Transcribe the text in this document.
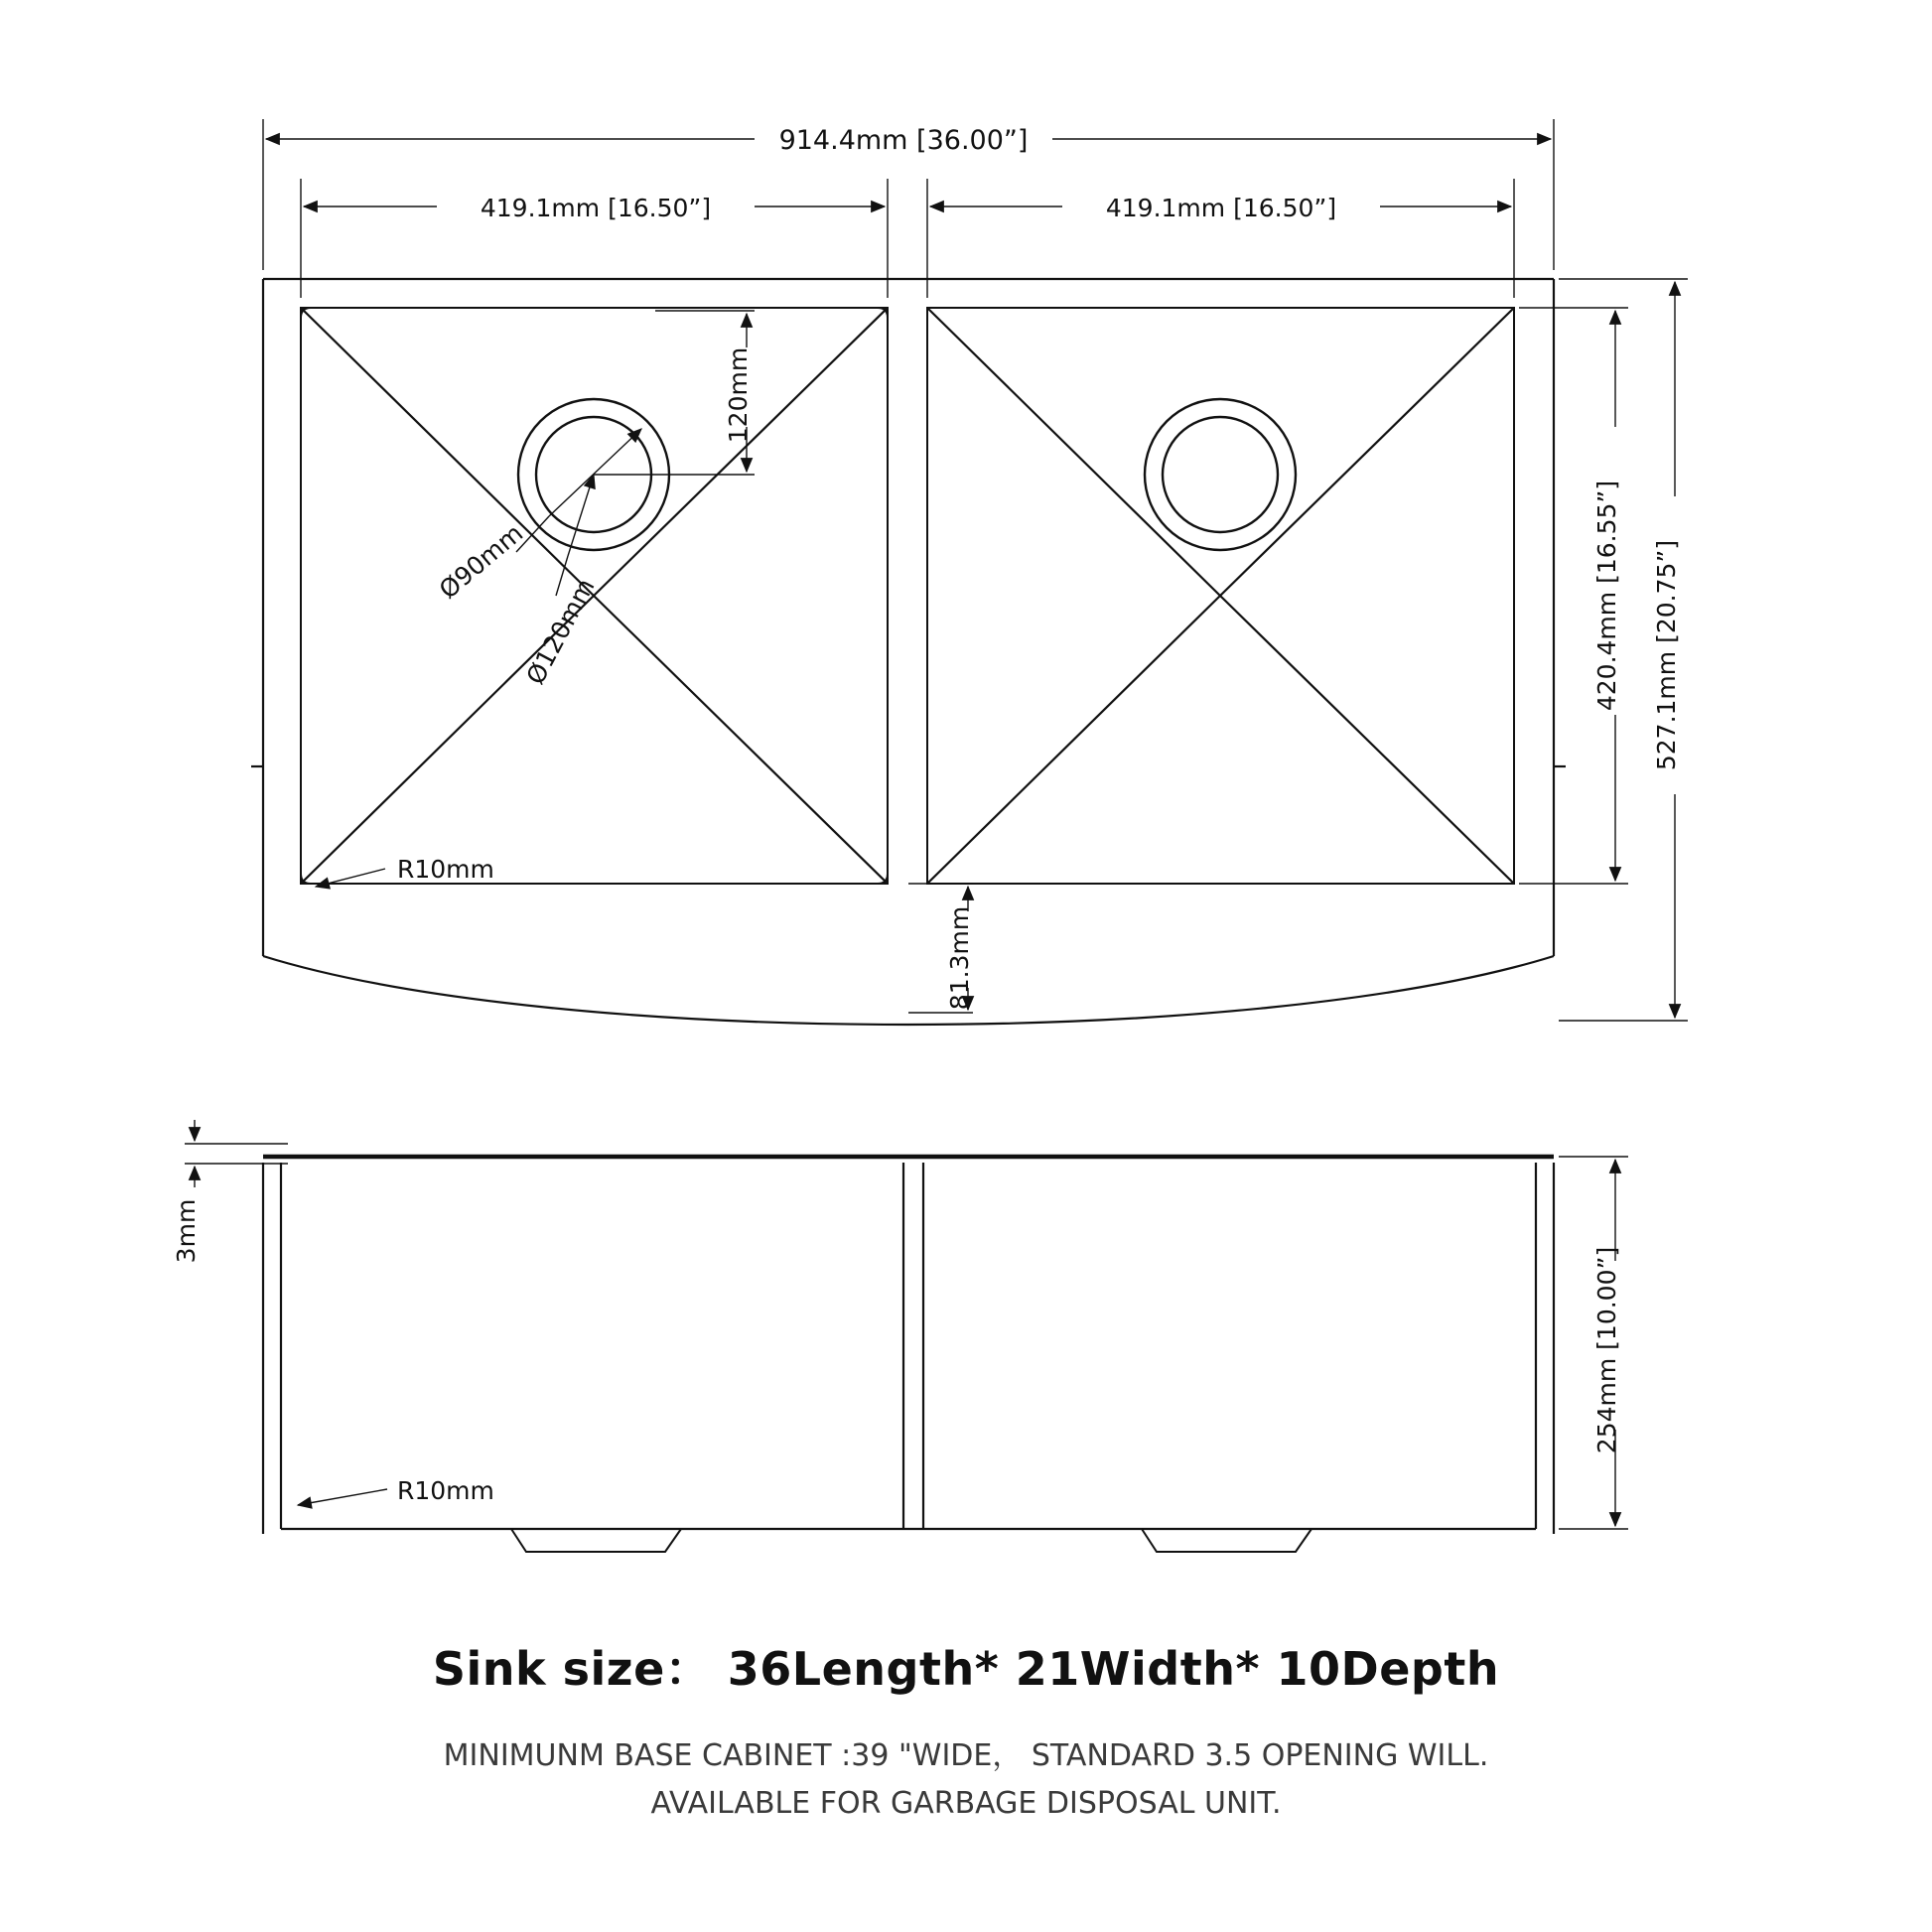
914.4mm [36.00”]
419.1mm [16.50”]	419.1mm [16.50”]
420.4mm [16.55”] 527.1mm [20.75”]
120mm
Ø90mm
Ø120mm
R10mm
81.3mm
3mm
254mm [10.00”]
R10mm

Sink size： 36Length* 21Width* 10Depth

MINIMUNM BASE CABINET :39 "WIDE， STANDARD 3.5 OPENING WILL.

AVAILABLE FOR GARBAGE DISPOSAL UNIT.
